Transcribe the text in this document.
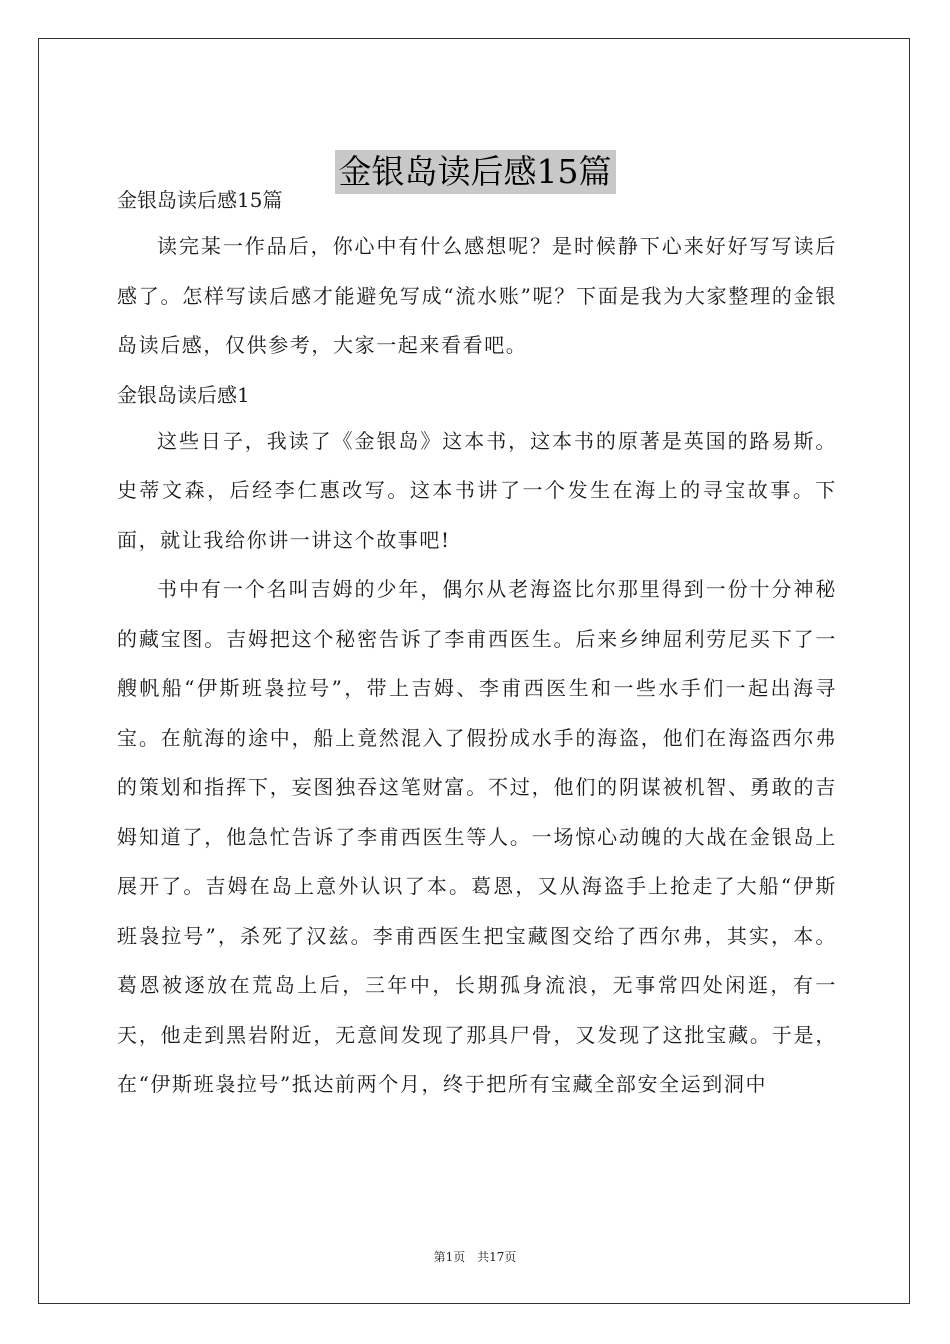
金银岛读后感15篇

金银岛读后感15篇

读完某一作品后，你心中有什么感想呢？是时候静下心来好好写写读后感了。怎样写读后感才能避免写成“流水账”呢？下面是我为大家整理的金银岛读后感，仅供参考，大家一起来看看吧。

金银岛读后感1

这些日子，我读了《金银岛》这本书，这本书的原著是英国的路易斯。史蒂文森，后经李仁惠改写。这本书讲了一个发生在海上的寻宝故事。下面，就让我给你讲一讲这个故事吧!

书中有一个名叫吉姆的少年，偶尔从老海盗比尔那里得到一份十分神秘的藏宝图。吉姆把这个秘密告诉了李甫西医生。后来乡绅屈利劳尼买下了一艘帆船“伊斯班袅拉号”，带上吉姆、李甫西医生和一些水手们一起出海寻宝。在航海的途中，船上竟然混入了假扮成水手的海盗，他们在海盗西尔弗的策划和指挥下，妄图独吞这笔财富。不过，他们的阴谋被机智、勇敢的吉姆知道了，他急忙告诉了李甫西医生等人。一场惊心动魄的大战在金银岛上展开了。吉姆在岛上意外认识了本。葛恩，又从海盗手上抢走了大船“伊斯班袅拉号”，杀死了汉兹。李甫西医生把宝藏图交给了西尔弗，其实，本。葛恩被逐放在荒岛上后，三年中，长期孤身流浪，无事常四处闲逛，有一天，他走到黑岩附近，无意间发现了那具尸骨，又发现了这批宝藏。于是，在“伊斯班袅拉号”抵达前两个月，终于把所有宝藏全部安全运到洞中

第1页 共17页
